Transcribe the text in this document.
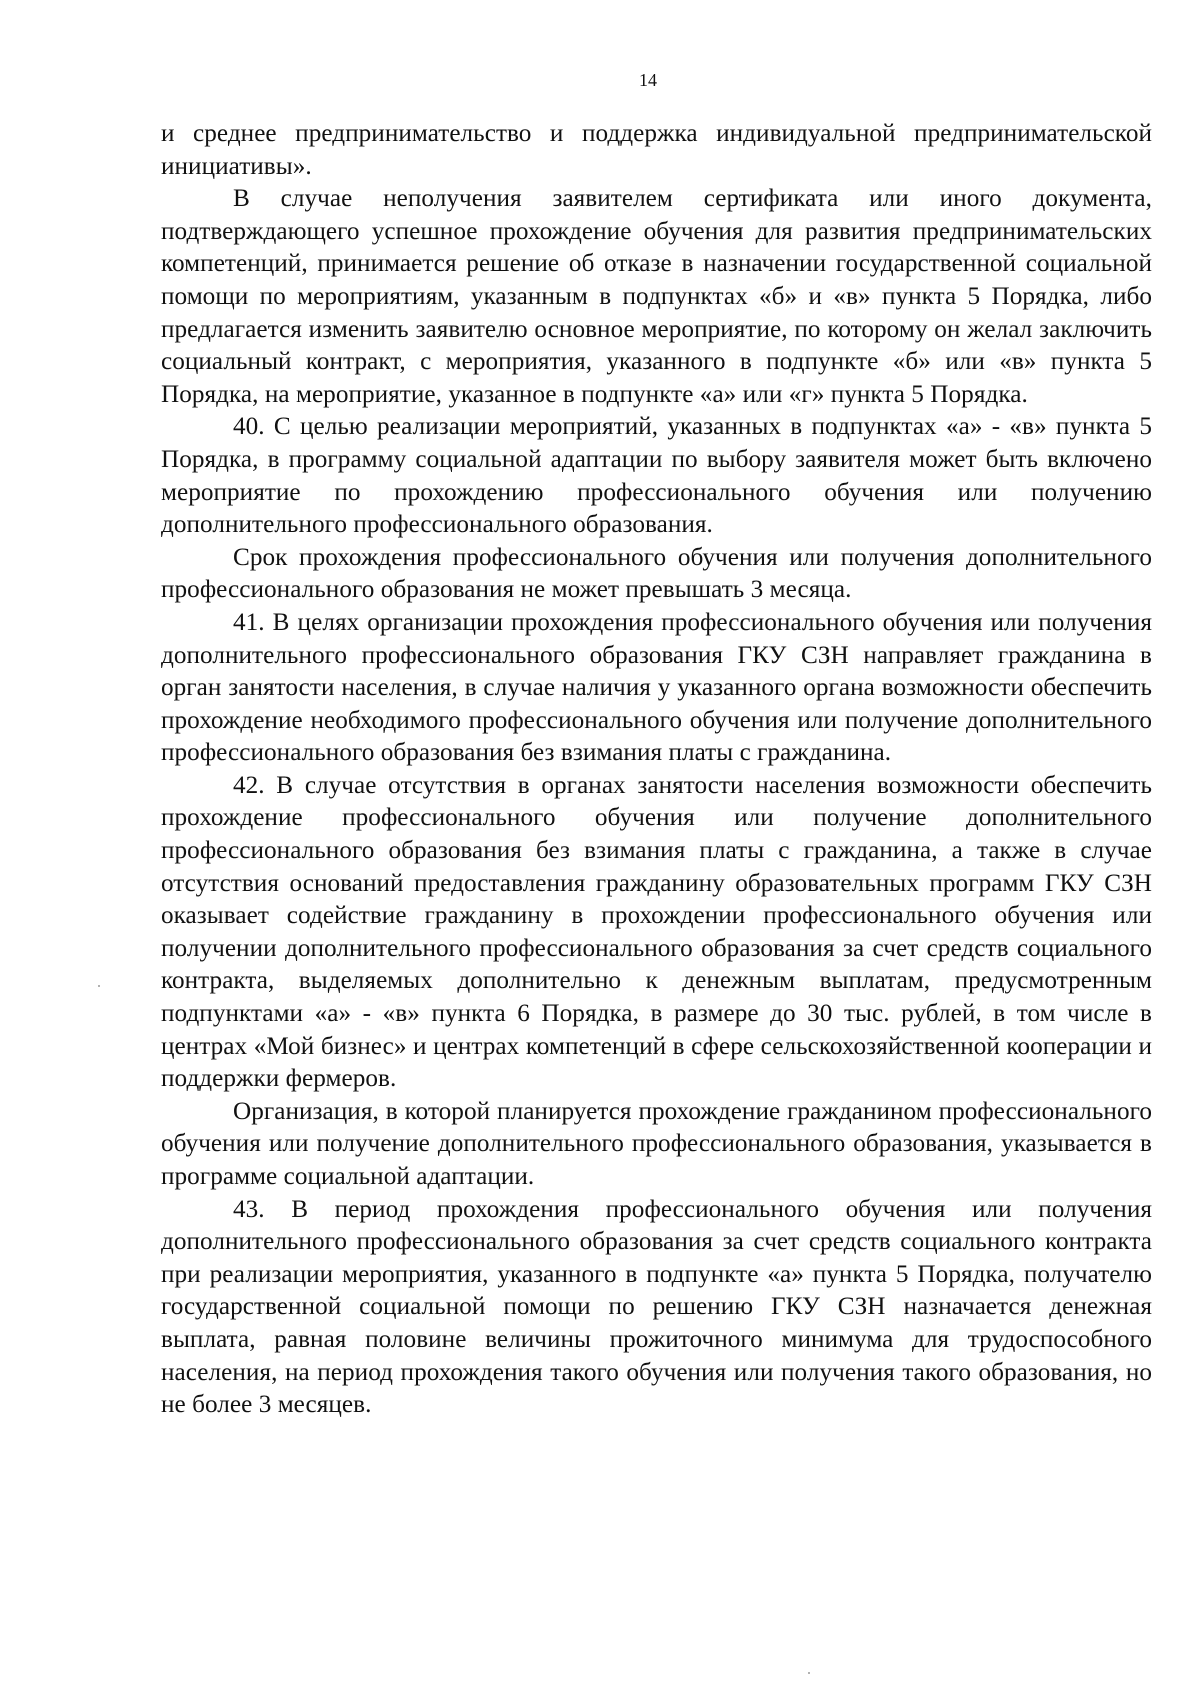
14

и среднее предпринимательство и поддержка индивидуальной предпринимательской инициативы».

В случае неполучения заявителем сертификата или иного документа, подтверждающего успешное прохождение обучения для развития предпринимательских компетенций, принимается решение об отказе в назначении государственной социальной помощи по мероприятиям, указанным в подпунктах «б» и «в» пункта 5 Порядка, либо предлагается изменить заявителю основное мероприятие, по которому он желал заключить социальный контракт, с мероприятия, указанного в подпункте «б» или «в» пункта 5 Порядка, на мероприятие, указанное в подпункте «а» или «г» пункта 5 Порядка.

40. С целью реализации мероприятий, указанных в подпунктах «а» - «в» пункта 5 Порядка, в программу социальной адаптации по выбору заявителя может быть включено мероприятие по прохождению профессионального обучения или получению дополнительного профессионального образования.

Срок прохождения профессионального обучения или получения дополнительного профессионального образования не может превышать 3 месяца.

41. В целях организации прохождения профессионального обучения или получения дополнительного профессионального образования ГКУ СЗН направляет гражданина в орган занятости населения, в случае наличия у указанного органа возможности обеспечить прохождение необходимого профессионального обучения или получение дополнительного профессионального образования без взимания платы с гражданина.

42. В случае отсутствия в органах занятости населения возможности обеспечить прохождение профессионального обучения или получение дополнительного профессионального образования без взимания платы с гражданина, а также в случае отсутствия оснований предоставления гражданину образовательных программ ГКУ СЗН оказывает содействие гражданину в прохождении профессионального обучения или получении дополнительного профессионального образования за счет средств социального контракта, выделяемых дополнительно к денежным выплатам, предусмотренным подпунктами «а» - «в» пункта 6 Порядка, в размере до 30 тыс. рублей, в том числе в центрах «Мой бизнес» и центрах компетенций в сфере сельскохозяйственной кооперации и поддержки фермеров.

Организация, в которой планируется прохождение гражданином профессионального обучения или получение дополнительного профессионального образования, указывается в программе социальной адаптации.

43. В период прохождения профессионального обучения или получения дополнительного профессионального образования за счет средств социального контракта при реализации мероприятия, указанного в подпункте «а» пункта 5 Порядка, получателю государственной социальной помощи по решению ГКУ СЗН назначается денежная выплата, равная половине величины прожиточного минимума для трудоспособного населения, на период прохождения такого обучения или получения такого образования, но не более 3 месяцев.
